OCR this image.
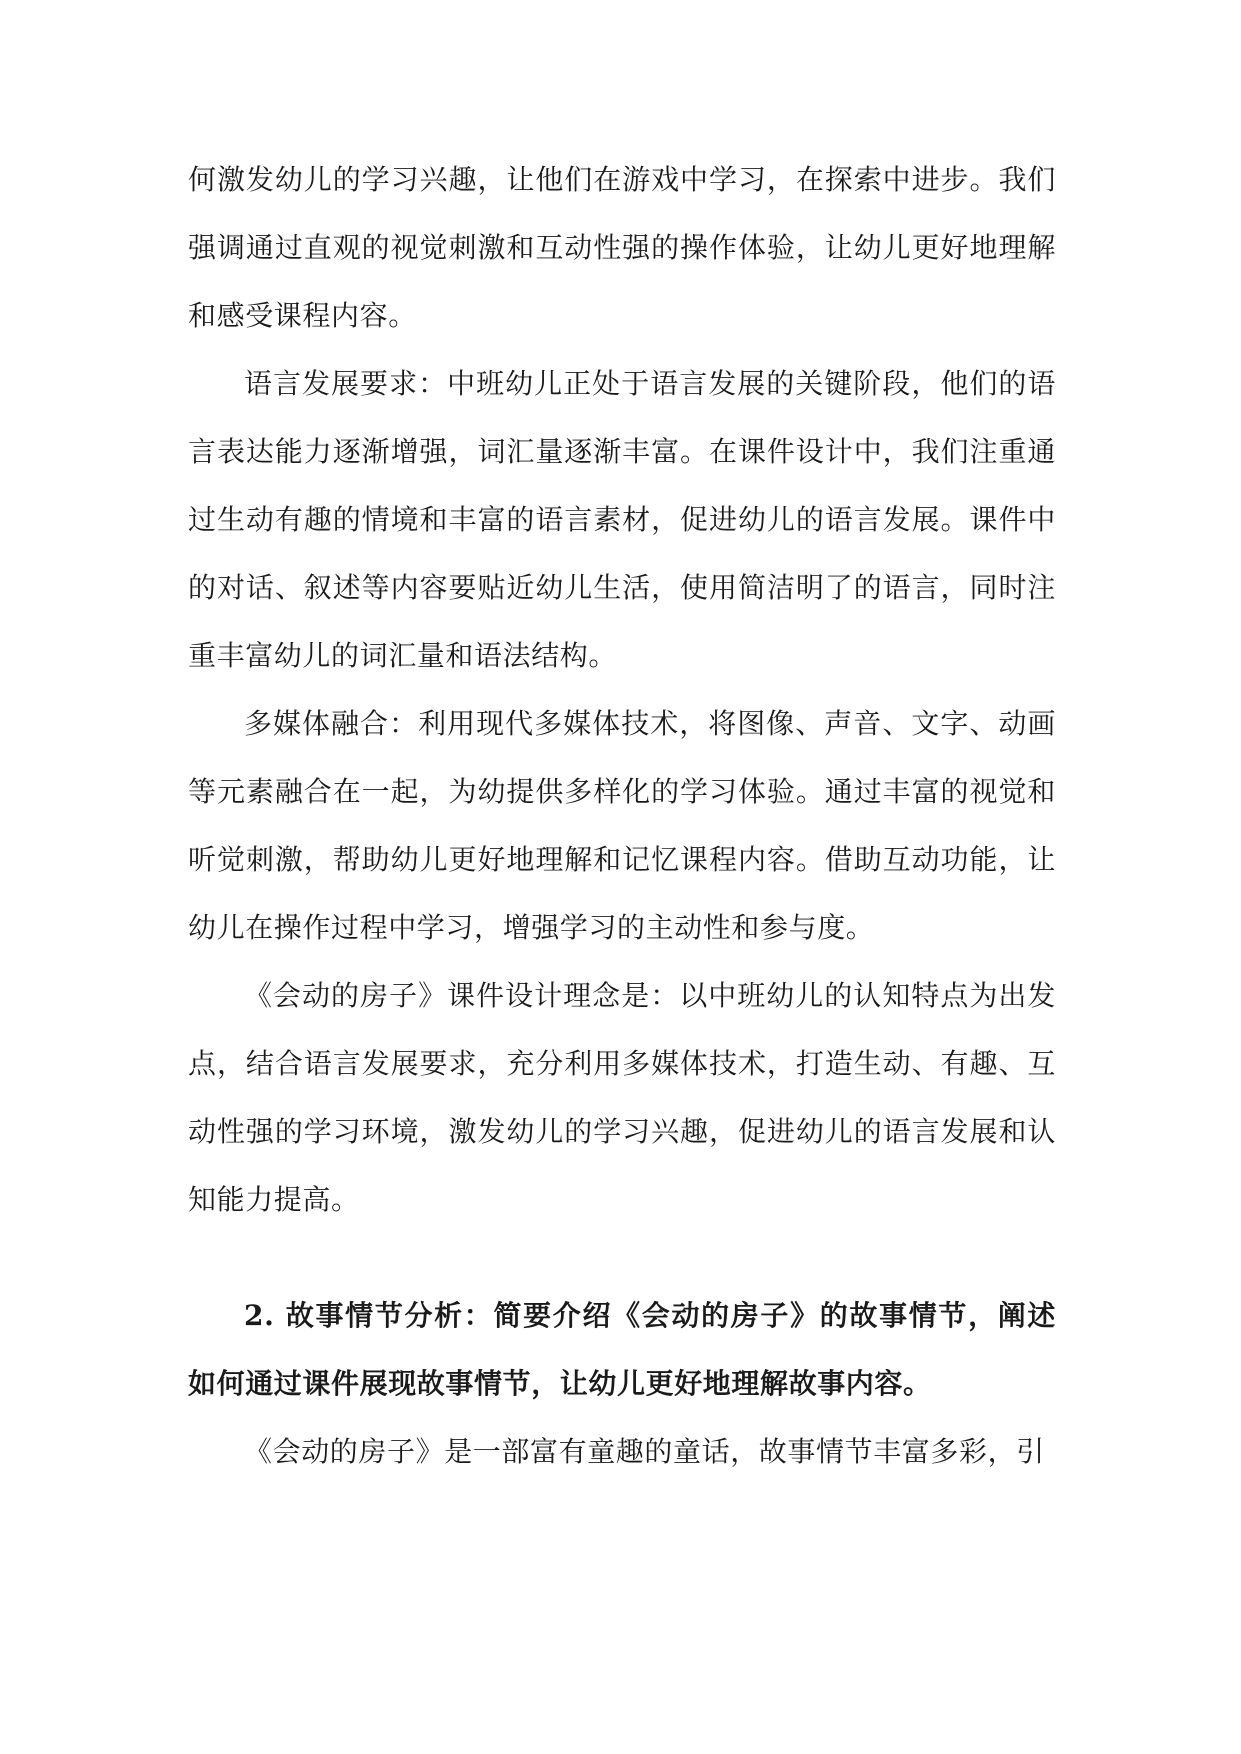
何激发幼儿的学习兴趣，让他们在游戏中学习，在探索中进步。我们强调通过直观的视觉刺激和互动性强的操作体验，让幼儿更好地理解和感受课程内容。

语言发展要求：中班幼儿正处于语言发展的关键阶段，他们的语言表达能力逐渐增强，词汇量逐渐丰富。在课件设计中，我们注重通过生动有趣的情境和丰富的语言素材，促进幼儿的语言发展。课件中的对话、叙述等内容要贴近幼儿生活，使用简洁明了的语言，同时注重丰富幼儿的词汇量和语法结构。

多媒体融合：利用现代多媒体技术，将图像、声音、文字、动画等元素融合在一起，为幼提供多样化的学习体验。通过丰富的视觉和听觉刺激，帮助幼儿更好地理解和记忆课程内容。借助互动功能，让幼儿在操作过程中学习，增强学习的主动性和参与度。

《会动的房子》课件设计理念是：以中班幼儿的认知特点为出发点，结合语言发展要求，充分利用多媒体技术，打造生动、有趣、互动性强的学习环境，激发幼儿的学习兴趣，促进幼儿的语言发展和认知能力提高。

2. 故事情节分析：简要介绍《会动的房子》的故事情节，阐述如何通过课件展现故事情节，让幼儿更好地理解故事内容。

《会动的房子》是一部富有童趣的童话，故事情节丰富多彩，引
